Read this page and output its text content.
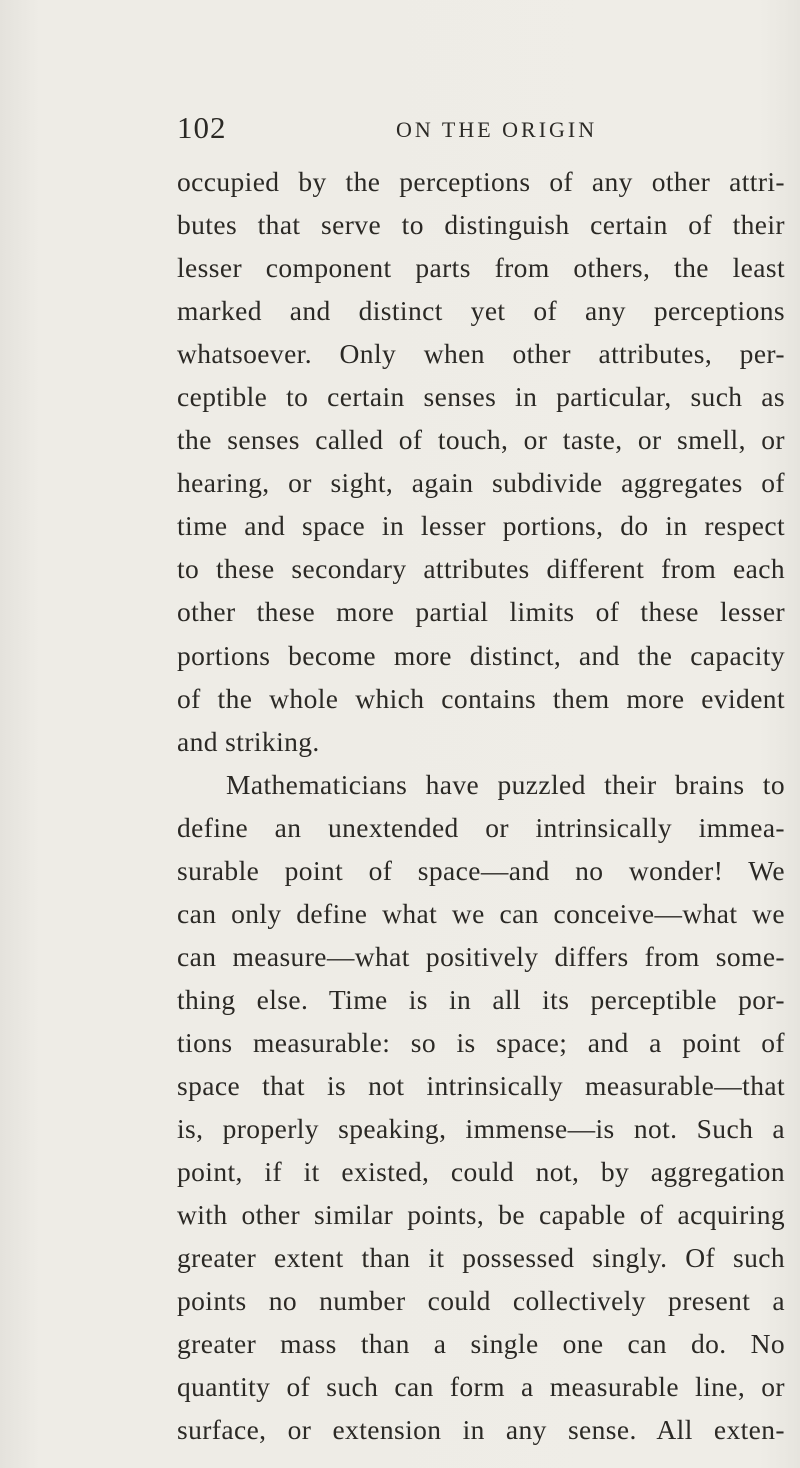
102	ON THE ORIGIN
occupied by the perceptions of any other attri-
butes that serve to distinguish certain of their
lesser component parts from others, the least
marked and distinct yet of any perceptions
whatsoever. Only when other attributes, per-
ceptible to certain senses in particular, such as
the senses called of touch, or taste, or smell, or
hearing, or sight, again subdivide aggregates of
time and space in lesser portions, do in respect
to these secondary attributes different from each
other these more partial limits of these lesser
portions become more distinct, and the capacity
of the whole which contains them more evident
and striking.
Mathematicians have puzzled their brains to
define an unextended or intrinsically immea-
surable point of space—and no wonder! We
can only define what we can conceive—what we
can measure—what positively differs from some-
thing else. Time is in all its perceptible por-
tions measurable: so is space; and a point of
space that is not intrinsically measurable—that
is, properly speaking, immense—is not. Such a
point, if it existed, could not, by aggregation
with other similar points, be capable of acquiring
greater extent than it possessed singly. Of such
points no number could collectively present a
greater mass than a single one can do. No
quantity of such can form a measurable line, or
surface, or extension in any sense. All exten-
